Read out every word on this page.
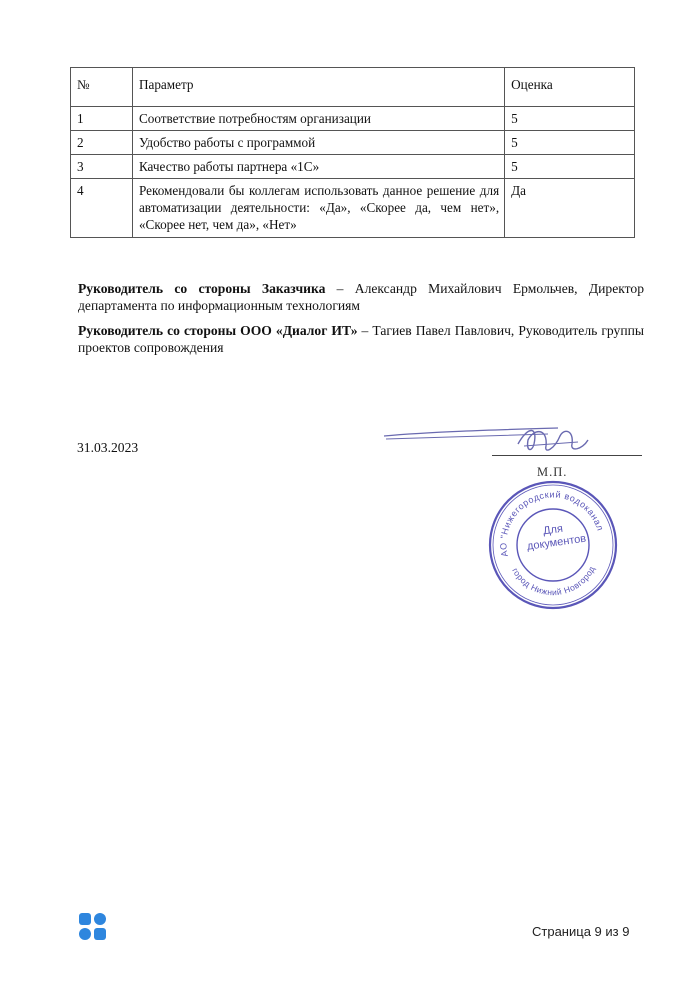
№	Параметр	Оценка
1	Соответствие потребностям организации	5
2	Удобство работы с программой	5
3	Качество работы партнера «1С»	5
4	Рекомендовали бы коллегам использовать данное решение для автоматизации деятельности: «Да», «Скорее да, чем нет», «Скорее нет, чем да», «Нет»	Да

Руководитель со стороны Заказчика – Александр Михайлович Ермольчев, Директор департамента по информационным технологиям

Руководитель со стороны ООО «Диалог ИТ» – Тагиев Павел Павлович, Руководитель группы проектов сопровождения

31.03.2023
М.П.
АО "Нижегородский водоканал
город Нижний Новгород
Для документов
Страница 9 из 9
